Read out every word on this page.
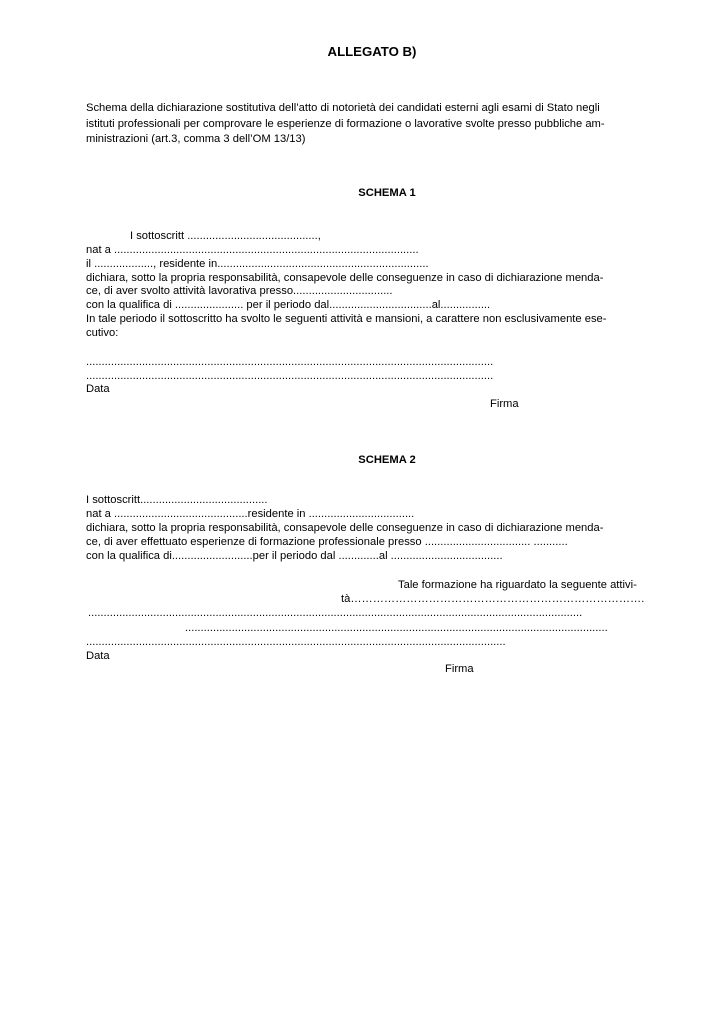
ALLEGATO B)
Schema della dichiarazione sostitutiva dell’atto di notorietà dei candidati esterni agli esami di Stato negli
istituti professionali per comprovare le esperienze di formazione o lavorative svolte presso pubbliche am-
ministrazioni (art.3, comma 3 dell’OM 13/13)
SCHEMA 1
I sottoscritt ..........................................,
nat a ..................................................................................................
il ..................., residente in....................................................................
dichiara, sotto la propria responsabilità, consapevole delle conseguenze in caso di dichiarazione menda-
ce, di aver svolto attività lavorativa presso................................
con la qualifica di ...................... per il periodo dal.................................al................
In tale periodo il sottoscritto ha svolto le seguenti attività e mansioni, a carattere non esclusivamente ese-
cutivo:
...................................................................................................................................
...................................................................................................................................
Data
Firma
SCHEMA 2
I sottoscritt.........................................
nat a ...........................................residente in ..................................
dichiara, sotto la propria responsabilità, consapevole delle conseguenze in caso di dichiarazione menda-
ce, di aver effettuato esperienze di formazione professionale presso .................................. ...........
con la qualifica di..........................per il periodo dal .............al ....................................
Tale formazione ha riguardato la seguente attivi-
tà…………………………………………………………………….
...............................................................................................................................................................
........................................................................................................................................
.......................................................................................................................................
Data
Firma
